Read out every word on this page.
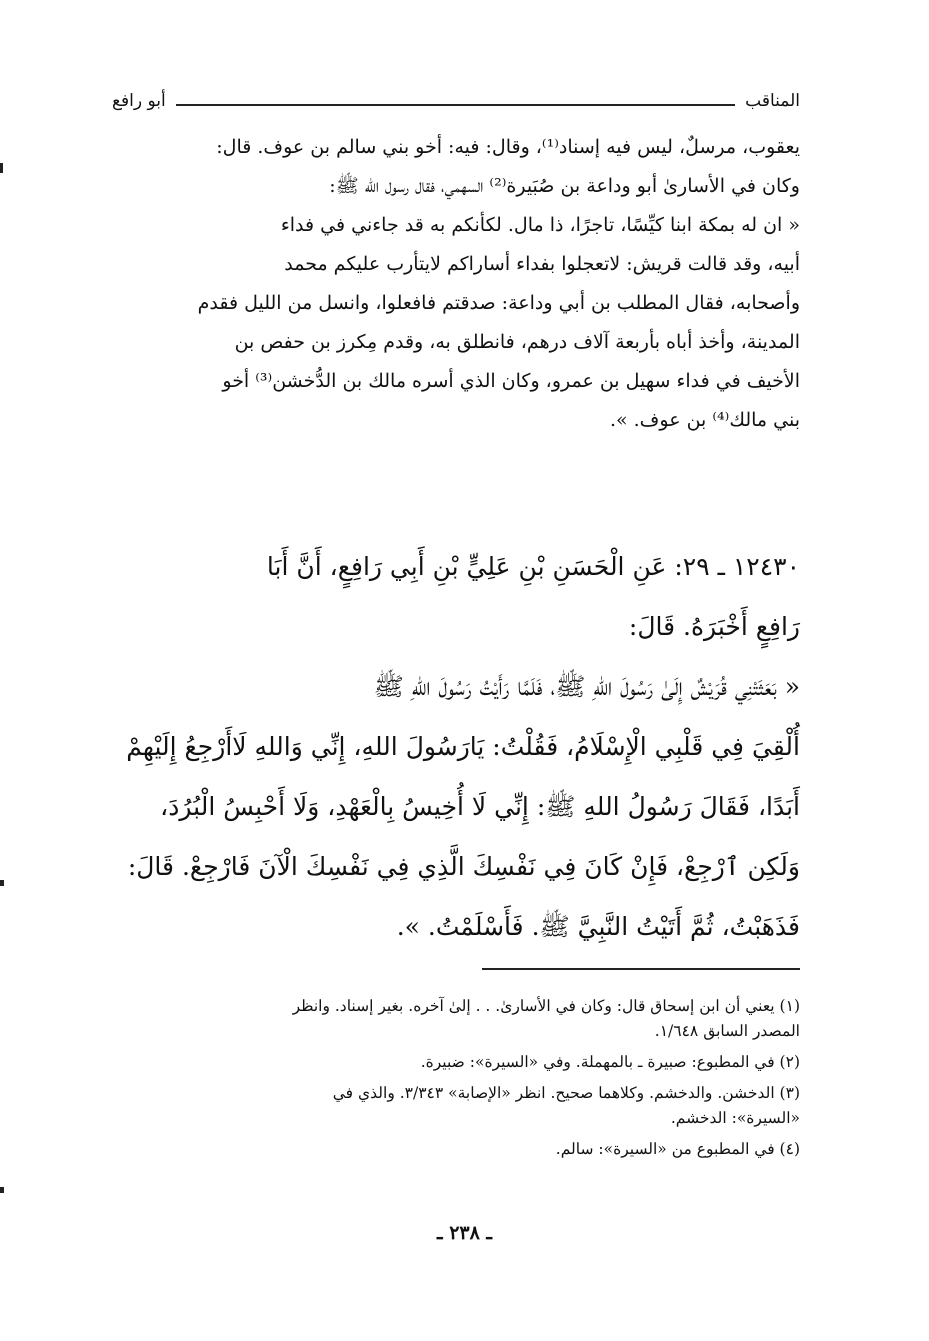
المناقب
أبو رافع
يعقوب، مرسلٌ، ليس فيه إسناد⁽¹⁾، وقال: فيه: أخو بني سالم بن عوف. قال:
وكان في الأسارىٰ أبو وداعة بن صُبَيرة⁽²⁾ السهمي، فقال رسول الله ﷺ:
« ان له بمكة ابنا كيِّسًا، تاجرًا، ذا مال. لكأنكم به قد جاءني في فداء
أبيه، وقد قالت قريش: لاتعجلوا بفداء أساراكم لايتأرب عليكم محمد
وأصحابه، فقال المطلب بن أبي وداعة: صدقتم فافعلوا، وانسل من الليل فقدم
المدينة، وأخذ أباه بأربعة آلاف درهم، فانطلق به، وقدم مِكرز بن حفص بن
الأخيف في فداء سهيل بن عمرو، وكان الذي أسره مالك بن الدُّخشن⁽³⁾ أخو
بني مالك⁽⁴⁾ بن عوف. ».
١٢٤٣٠ ـ ٢٩: عَنِ الْحَسَنِ بْنِ عَلِيٍّ بْنِ أَبِي رَافِعٍ، أَنَّ أَبَا
رَافِعٍ أَخْبَرَهُ. قَالَ:
« بَعَثَتْنِي قُرَيْشٌ إِلَىٰ رَسُولَ اللهِ ﷺ، فَلَمَّا رَأَيْتُ رَسُولَ اللهِ ﷺ
أُلْقِيَ فِي قَلْبِي الْإِسْلَامُ، فَقُلْتُ: يَارَسُولَ اللهِ، إِنِّي وَاللهِ لَاأَرْجِعُ إِلَيْهِمْ
أَبَدًا، فَقَالَ رَسُولُ اللهِ ﷺ: إِنِّي لَا أُخِيسُ بِالْعَهْدِ، وَلَا أَحْبِسُ الْبُرُدَ،
وَلَكِن ٱرْجِعْ، فَإِنْ كَانَ فِي نَفْسِكَ الَّذِي فِي نَفْسِكَ الْآنَ فَارْجِعْ. قَالَ:
فَذَهَبْتُ، ثُمَّ أَتَيْتُ النَّبِيَّ ﷺ. فَأَسْلَمْتُ. ».
(١) يعني أن ابن إسحاق قال: وكان في الأسارىٰ. . . إلىٰ آخره. بغير إسناد. وانظر
المصدر السابق ١/٦٤٨.
(٢) في المطبوع: صبيرة ـ بالمهملة. وفي «السيرة»: ضبيرة.
(٣) الدخشن. والدخشم. وكلاهما صحيح. انظر «الإصابة» ٣/٣٤٣. والذي في
«السيرة»: الدخشم.
(٤) في المطبوع من «السيرة»: سالم.
ـ ٢٣٨ ـ
